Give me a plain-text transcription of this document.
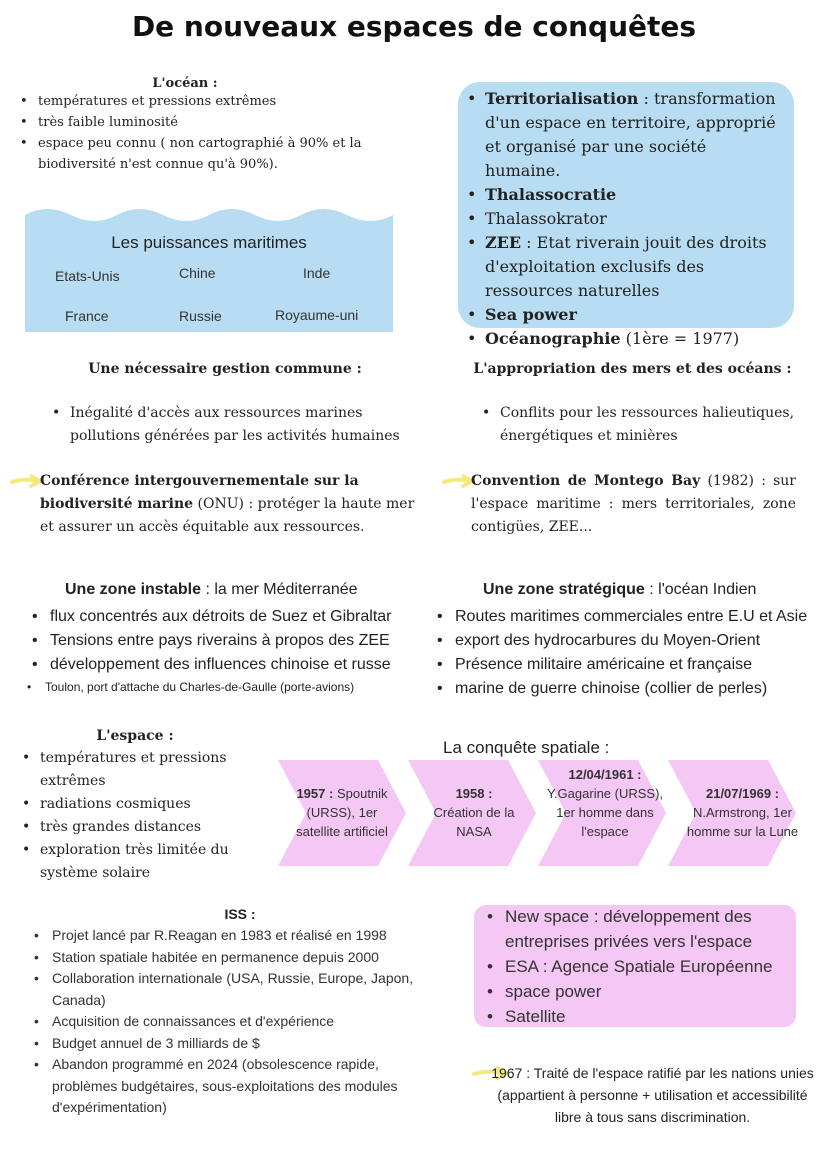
De nouveaux espaces de conquêtes
L'océan :
• températures et pressions extrêmes
• très faible luminosité
• espace peu connu ( non cartographié à 90% et la biodiversité n'est connue qu'à 90%).
Les puissances maritimes
Etats-Unis	Chine	Inde
France	Russie	Royaume-uni
• Territorialisation : transformation d'un espace en territoire, approprié et organisé par une société humaine.
• Thalassocratie
• Thalassokrator
• ZEE : Etat riverain jouit des droits d'exploitation exclusifs des ressources naturelles
• Sea power
• Océanographie (1ère = 1977)
Une nécessaire gestion commune :
• Inégalité d'accès aux ressources marines pollutions générées par les activités humaines
Conférence intergouvernementale sur la biodiversité marine (ONU) : protéger la haute mer et assurer un accès équitable aux ressources.
L'appropriation des mers et des océans :
• Conflits pour les ressources halieutiques, énergétiques et minières
Convention de Montego Bay (1982) : sur l'espace maritime : mers territoriales, zone contigües, ZEE...
Une zone instable : la mer Méditerranée
• flux concentrés aux détroits de Suez et Gibraltar
• Tensions entre pays riverains à propos des ZEE
• développement des influences chinoise et russe
• Toulon, port d'attache du Charles-de-Gaulle (porte-avions)
Une zone stratégique : l'océan Indien
• Routes maritimes commerciales entre E.U et Asie
• export des hydrocarbures du Moyen-Orient
• Présence militaire américaine et française
• marine de guerre chinoise (collier de perles)
L'espace :
• températures et pressions extrêmes
• radiations cosmiques
• très grandes distances
• exploration très limitée du système solaire
La conquête spatiale :
1957 : Spoutnik (URSS), 1er satellite artificiel
1958 :
Création de la NASA
12/04/1961 :
Y.Gagarine (URSS), 1er homme dans l'espace
21/07/1969 :
N.Armstrong, 1er homme sur la Lune
ISS :
• Projet lancé par R.Reagan en 1983 et réalisé en 1998
• Station spatiale habitée en permanence depuis 2000
• Collaboration internationale (USA, Russie, Europe, Japon, Canada)
• Acquisition de connaissances et d'expérience
• Budget annuel de 3 milliards de $
• Abandon programmé en 2024 (obsolescence rapide, problèmes budgétaires, sous-exploitations des modules d'expérimentation)
• New space : développement des entreprises privées vers l'espace
• ESA : Agence Spatiale Européenne
• space power
• Satellite
1967 : Traité de l'espace ratifié par les nations unies (appartient à personne + utilisation et accessibilité libre à tous sans discrimination.
